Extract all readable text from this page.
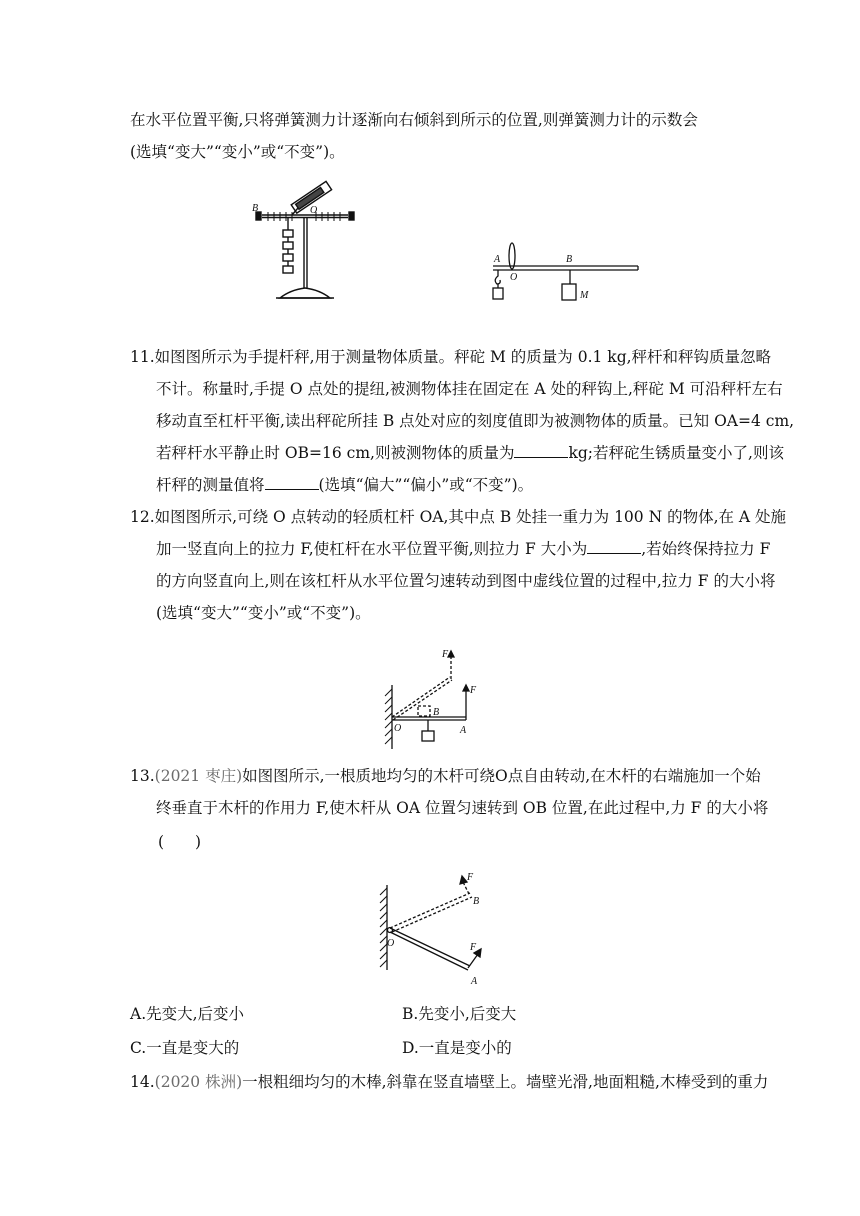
在水平位置平衡,只将弹簧测力计逐渐向右倾斜到所示的位置,则弹簧测力计的示数会
(选填“变大”“变小”或“不变”)。
B	O
A
O
B
M
11.如图图所示为手提杆秤,用于测量物体质量。秤砣 M 的质量为 0.1 kg,秤杆和秤钩质量忽略
不计。称量时,手提 O 点处的提纽,被测物体挂在固定在 A 处的秤钩上,秤砣 M 可沿秤杆左右
移动直至杠杆平衡,读出秤砣所挂 B 点处对应的刻度值即为被测物体的质量。已知 OA=4 cm,
若秤杆水平静止时 OB=16 cm,则被测物体的质量为	kg;若秤砣生锈质量变小了,则该
杆秤的测量值将	(选填“偏大”“偏小”或“不变”)。
12.如图图所示,可绕 O 点转动的轻质杠杆 OA,其中点 B 处挂一重力为 100 N 的物体,在 A 处施
加一竖直向上的拉力 F,使杠杆在水平位置平衡,则拉力 F 大小为	,若始终保持拉力 F
的方向竖直向上,则在该杠杆从水平位置匀速转动到图中虚线位置的过程中,拉力 F 的大小将
(选填“变大”“变小”或“不变”)。
F
F
O
B
A
13.(2021 枣庄)如图图所示,一根质地均匀的木杆可绕O点自由转动,在木杆的右端施加一个始
终垂直于木杆的作用力 F,使木杆从 OA 位置匀速转到 OB 位置,在此过程中,力 F 的大小将
(　　)
F
B
O	F
A
A.先变大,后变小	B.先变小,后变大
C.一直是变大的	D.一直是变小的
14.(2020 株洲)一根粗细均匀的木棒,斜靠在竖直墙壁上。墙壁光滑,地面粗糙,木棒受到的重力
